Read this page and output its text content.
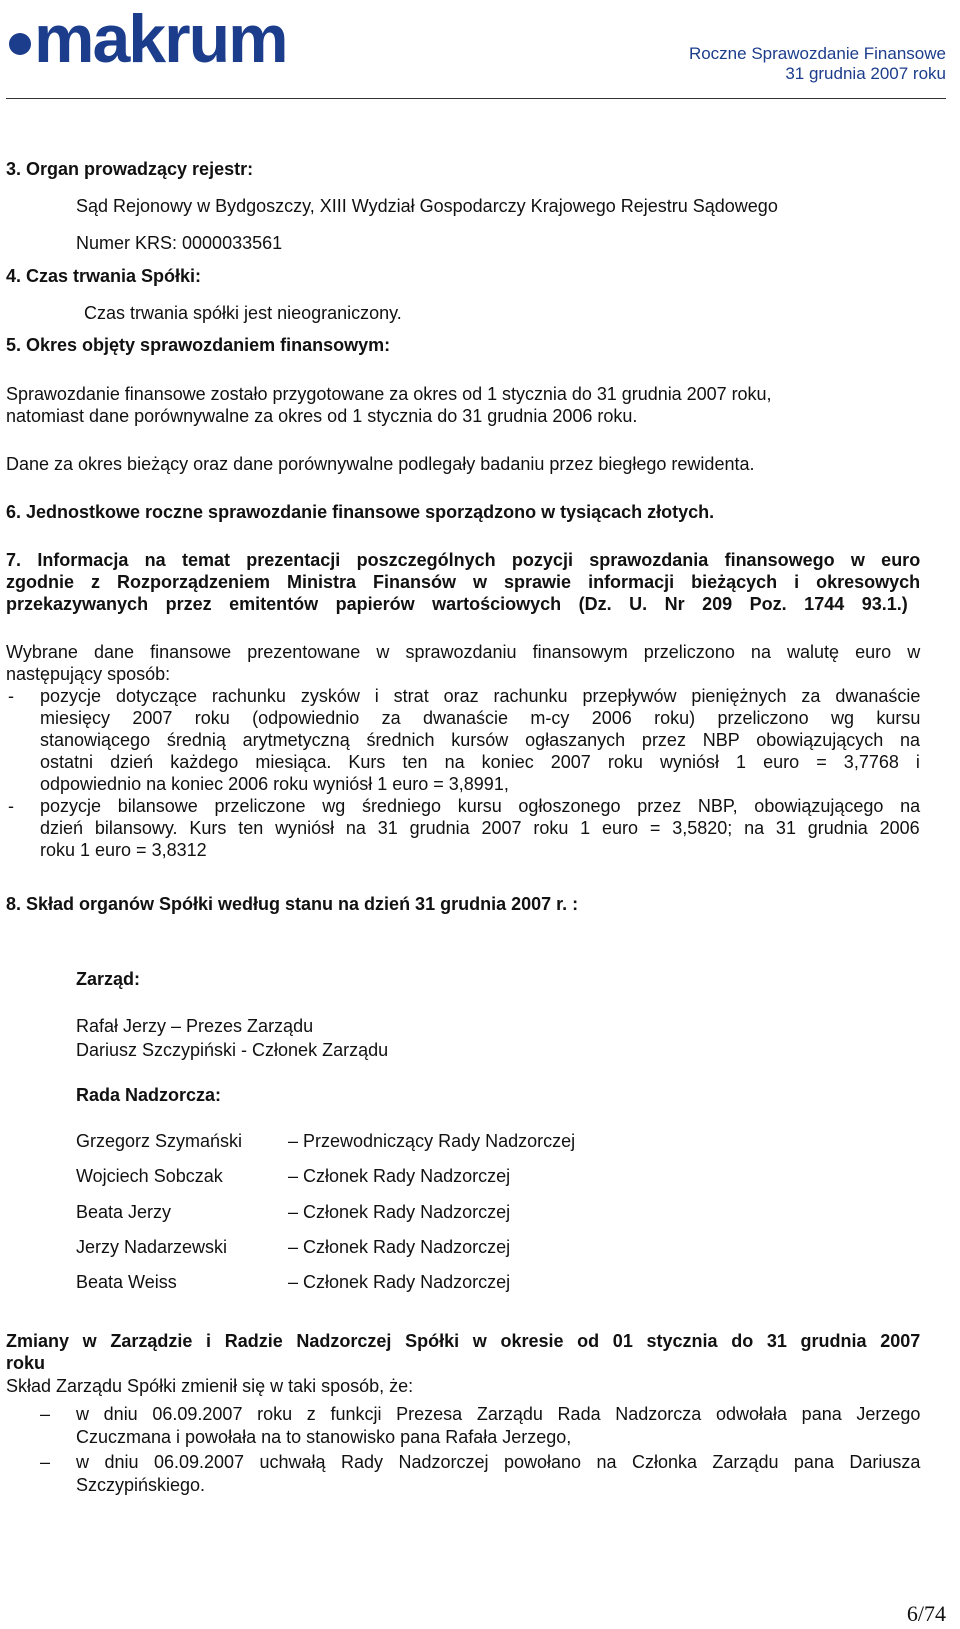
makrum	Roczne Sprawozdanie Finansowe
31 grudnia 2007 roku
3. Organ prowadzący rejestr:
Sąd Rejonowy w Bydgoszczy, XIII Wydział Gospodarczy Krajowego Rejestru Sądowego
Numer KRS: 0000033561
4. Czas trwania Spółki:
Czas trwania spółki jest nieograniczony.
5. Okres objęty sprawozdaniem finansowym:
Sprawozdanie finansowe zostało przygotowane za okres od 1 stycznia do 31 grudnia 2007 roku,
natomiast dane porównywalne za okres od 1 stycznia do 31 grudnia 2006 roku.
Dane za okres bieżący oraz dane porównywalne podlegały badaniu przez biegłego rewidenta.
6. Jednostkowe roczne sprawozdanie finansowe sporządzono w tysiącach złotych.
7. Informacja na temat prezentacji poszczególnych pozycji sprawozdania finansowego w euro
zgodnie z Rozporządzeniem Ministra Finansów w sprawie informacji bieżących i okresowych
przekazywanych przez emitentów papierów wartościowych (Dz. U. Nr 209 Poz. 1744 93.1.)
Wybrane dane finansowe prezentowane w sprawozdaniu finansowym przeliczono na walutę euro w
następujący sposób:
- pozycje dotyczące rachunku zysków i strat oraz rachunku przepływów pieniężnych za dwanaście
miesięcy 2007 roku (odpowiednio za dwanaście m-cy 2006 roku) przeliczono wg kursu
stanowiącego średnią arytmetyczną średnich kursów ogłaszanych przez NBP obowiązujących na
ostatni dzień każdego miesiąca. Kurs ten na koniec 2007 roku wyniósł 1 euro = 3,7768 i
odpowiednio na koniec 2006 roku wyniósł 1 euro = 3,8991,
- pozycje bilansowe przeliczone wg średniego kursu ogłoszonego przez NBP, obowiązującego na
dzień bilansowy. Kurs ten wyniósł na 31 grudnia 2007 roku 1 euro = 3,5820; na 31 grudnia 2006
roku 1 euro = 3,8312
8. Skład organów Spółki według stanu na dzień 31 grudnia 2007 r. :
Zarząd:
Rafał Jerzy – Prezes Zarządu
Dariusz Szczypiński - Członek Zarządu
Rada Nadzorcza:
Grzegorz Szymański	– Przewodniczący Rady Nadzorczej
Wojciech Sobczak	– Członek Rady Nadzorczej
Beata Jerzy	– Członek Rady Nadzorczej
Jerzy Nadarzewski	– Członek Rady Nadzorczej
Beata Weiss	– Członek Rady Nadzorczej
Zmiany w Zarządzie i Radzie Nadzorczej Spółki w okresie od 01 stycznia do 31 grudnia 2007
roku
Skład Zarządu Spółki zmienił się w taki sposób, że:
– w dniu 06.09.2007 roku z funkcji Prezesa Zarządu Rada Nadzorcza odwołała pana Jerzego
Czuczmana i powołała na to stanowisko pana Rafała Jerzego,
– w dniu 06.09.2007 uchwałą Rady Nadzorczej powołano na Członka Zarządu pana Dariusza
Szczypińskiego.
6/74
